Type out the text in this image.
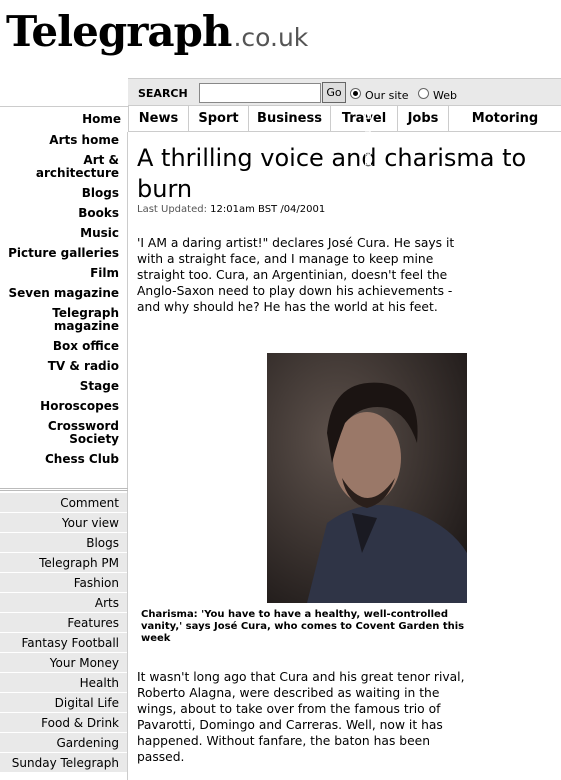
Telegraph.co.uk
SEARCH	Go	Our site Web
Home	News	Sport	Business	Travel	Jobs	Motoring
Arts home
Art & architecture
Blogs
Books
Music
Picture galleries
Film
Seven magazine
Telegraph magazine
Box office
TV & radio
Stage
Horoscopes
Crossword Society
Chess Club
Comment
Your view
Blogs
Telegraph PM
Fashion
Arts
Features
Fantasy Football
Your Money
Health
Digital Life
Food & Drink
Gardening
Sunday Telegraph
A thrilling voice and charisma to burn
Last Updated: 12:01am BST /04/2001

'I AM a daring artist!" declares José Cura. He says it with a straight face, and I manage to keep mine straight too. Cura, an Argentinian, doesn't feel the Anglo-Saxon need to play down his achievements - and why should he? He has the world at his feet.

Picture: STEVE DOUBLE
Charisma: 'You have to have a healthy, well-controlled vanity,' says José Cura, who comes to Covent Garden this week

It wasn't long ago that Cura and his great tenor rival, Roberto Alagna, were described as waiting in the wings, about to take over from the famous trio of Pavarotti, Domingo and Carreras. Well, now it has happened. Without fanfare, the baton has been passed.
